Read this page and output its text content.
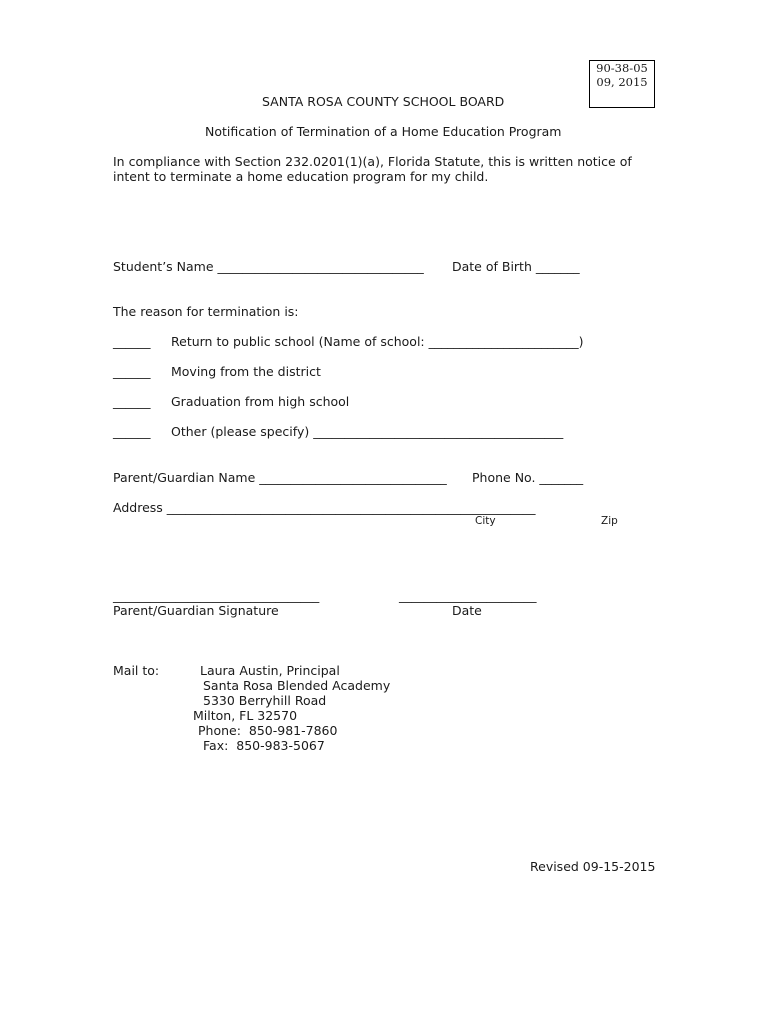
90-38-05
09, 2015
SANTA ROSA COUNTY SCHOOL BOARD
Notification of Termination of a Home Education Program
In compliance with Section 232.0201(1)(a), Florida Statute, this is written notice of
intent to terminate a home education program for my child.
Student’s Name _________________________________ Date of Birth _______
The reason for termination is:
______ Return to public school (Name of school: ________________________)
______ Moving from the district
______ Graduation from high school
______ Other (please specify) ________________________________________
Parent/Guardian Name ______________________________ Phone No. _______
Address ___________________________________________________________
City	Zip
_________________________________
Parent/Guardian Signature
______________________
Date
Mail to:	Laura Austin, Principal
Santa Rosa Blended Academy
5330 Berryhill Road
Milton, FL 32570
Phone:  850-981-7860
Fax:  850-983-5067
Revised 09-15-2015
